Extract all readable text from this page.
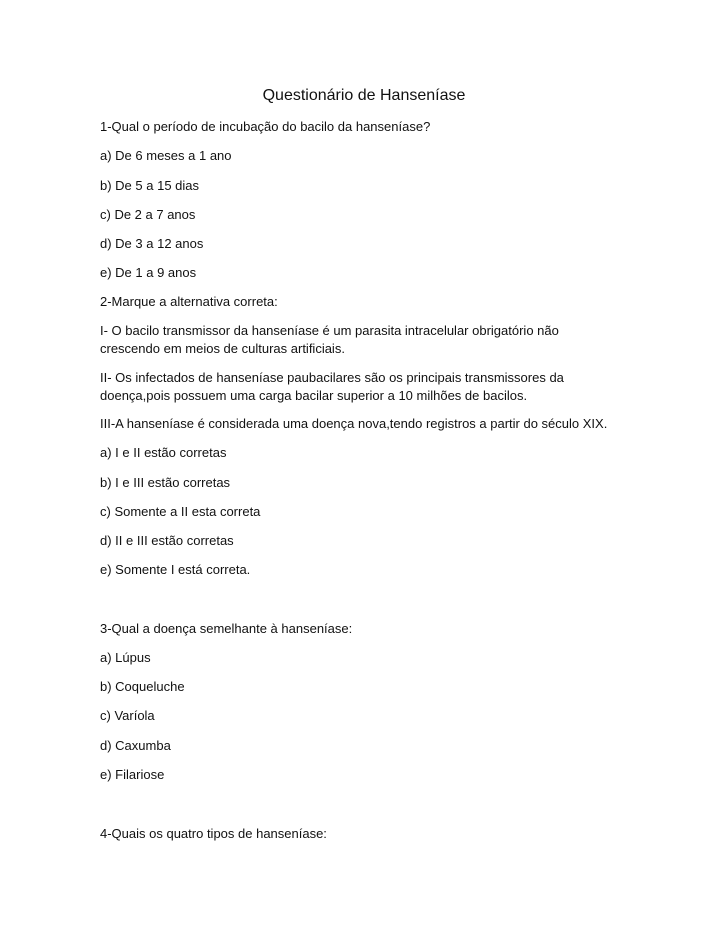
Questionário de Hanseníase
1-Qual o período de incubação do bacilo da hanseníase?
a) De 6 meses a 1 ano
b) De 5 a 15 dias
c) De 2 a 7 anos
d) De 3 a 12 anos
e) De 1 a 9 anos
2-Marque a alternativa correta:
I- O bacilo transmissor da hanseníase é um parasita intracelular obrigatório não
crescendo em meios de culturas artificiais.
II- Os infectados de hanseníase paubacilares são os principais transmissores da
doença,pois possuem uma carga bacilar superior a 10 milhões de bacilos.
III-A hanseníase é considerada uma doença nova,tendo registros a partir do século XIX.
a) I e II estão corretas
b) I e III estão corretas
c) Somente a II esta correta
d) II e III estão corretas
e) Somente I está correta.
3-Qual a doença semelhante à hanseníase:
a) Lúpus
b) Coqueluche
c) Varíola
d) Caxumba
e) Filariose
4-Quais os quatro tipos de hanseníase:
